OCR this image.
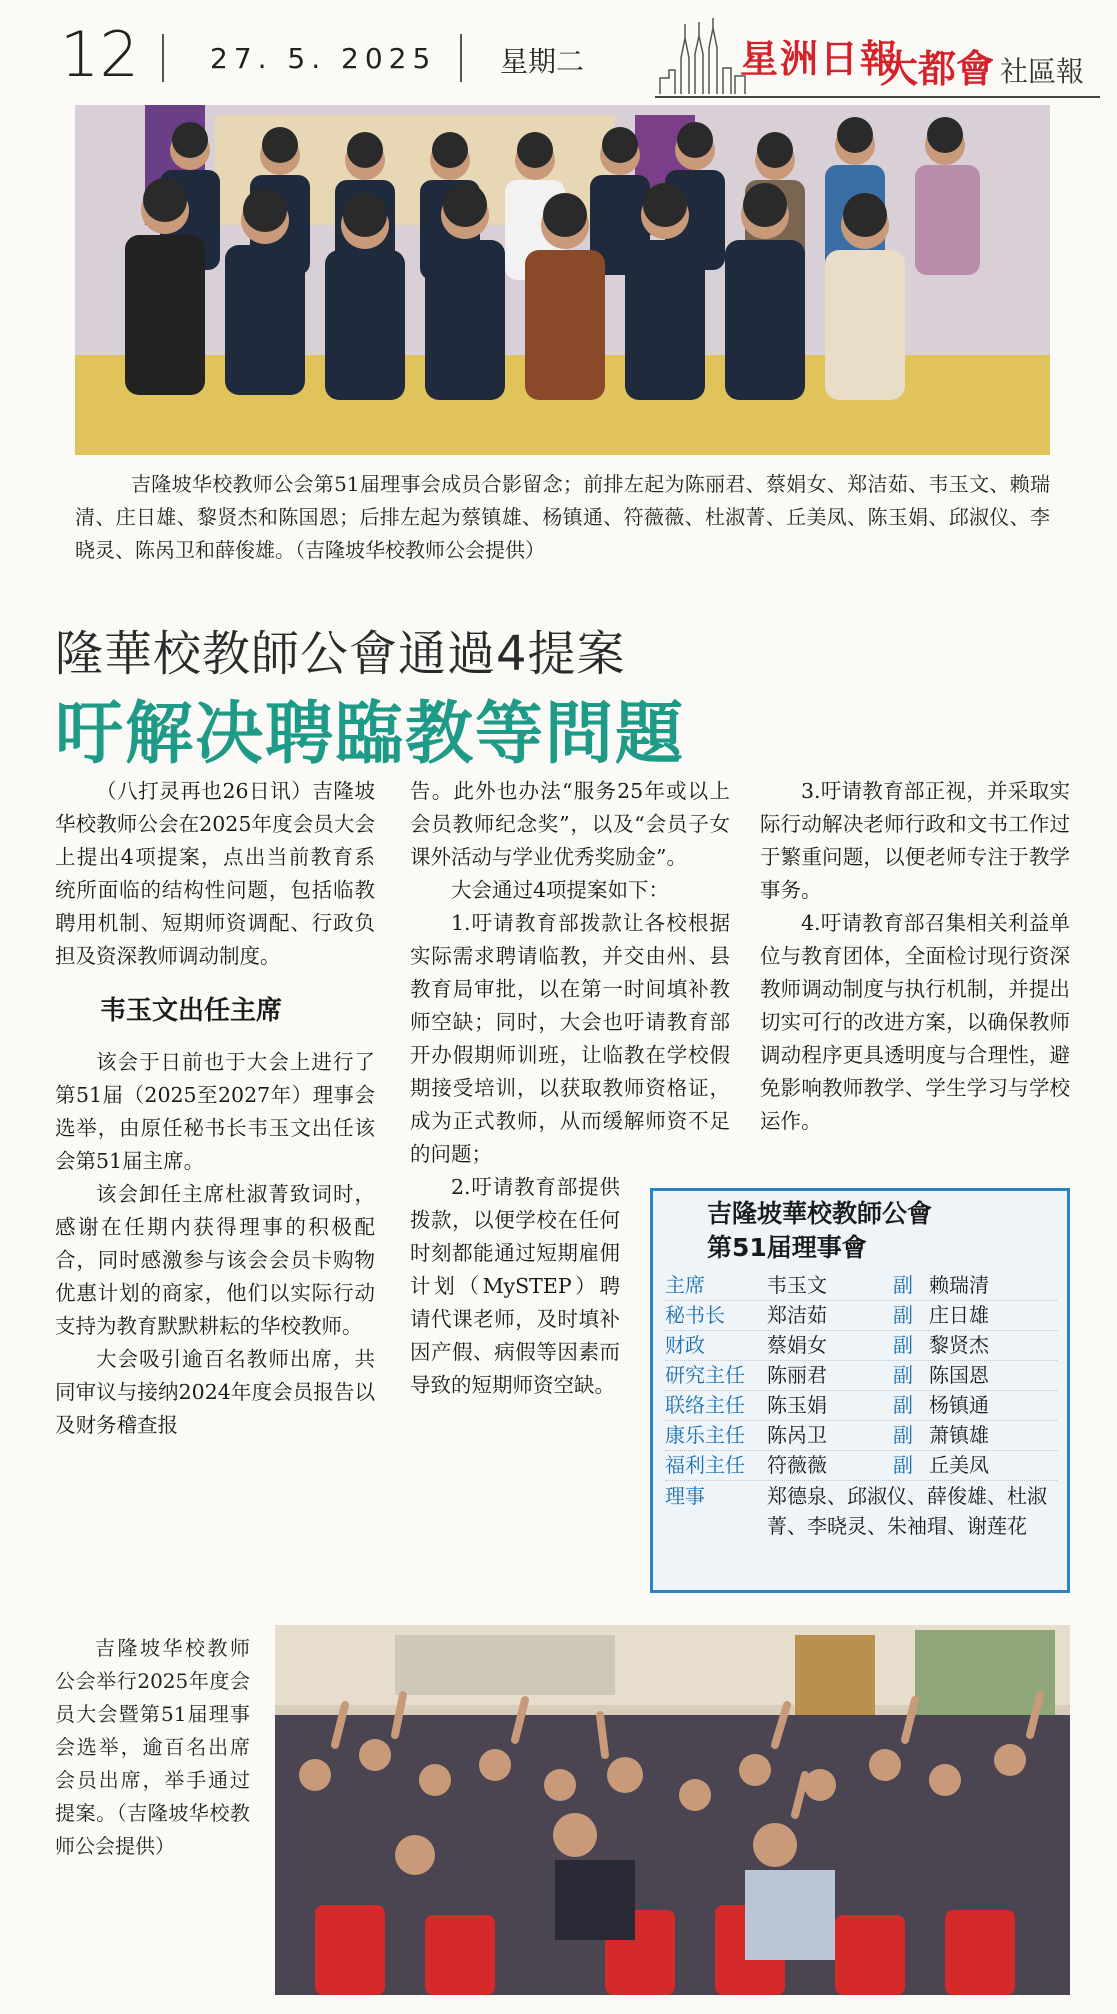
12	27. 5. 2025 星期二	星洲日報
大都會 社區報
吉隆坡华校教师公会第51届理事会成员合影留念；前排左起为陈丽君、蔡娟女、郑洁茹、韦玉文、赖瑞清、庄日雄、黎贤杰和陈国恩；后排左起为蔡镇雄、杨镇通、符薇薇、杜淑菁、丘美凤、陈玉娟、邱淑仪、李晓灵、陈呙卫和薛俊雄。（吉隆坡华校教师公会提供）
隆華校教師公會通過4提案
吁解决聘臨教等問題

（八打灵再也26日讯）吉隆坡华校教师公会在2025年度会员大会上提出4项提案，点出当前教育系统所面临的结构性问题，包括临教聘用机制、短期师资调配、行政负担及资深教师调动制度。

韦玉文出任主席

该会于日前也于大会上进行了第51届（2025至2027年）理事会选举，由原任秘书长韦玉文出任该会第51届主席。

该会卸任主席杜淑菁致词时，感谢在任期内获得理事的积极配合，同时感激参与该会会员卡购物优惠计划的商家，他们以实际行动支持为教育默默耕耘的华校教师。

大会吸引逾百名教师出席，共同审议与接纳2024年度会员报告以及财务稽查报

告。此外也办法“服务25年或以上会员教师纪念奖”，以及“会员子女课外活动与学业优秀奖励金”。

大会通过4项提案如下：

1.吁请教育部拨款让各校根据实际需求聘请临教，并交由州、县教育局审批，以在第一时间填补教师空缺；同时，大会也吁请教育部开办假期师训班，让临教在学校假期接受培训，以获取教师资格证，成为正式教师，从而缓解师资不足的问题；

2.吁请教育部提供拨款，以便学校在任何时刻都能通过短期雇佣计划（MySTEP）聘请代课老师，及时填补因产假、病假等因素而导致的短期师资空缺。

3.吁请教育部正视，并采取实际行动解决老师行政和文书工作过于繁重问题，以便老师专注于教学事务。

4.吁请教育部召集相关利益单位与教育团体，全面检讨现行资深教师调动制度与执行机制，并提出切实可行的改进方案，以确保教师调动程序更具透明度与合理性，避免影响教师教学、学生学习与学校运作。

吉隆坡華校教師公會
第51届理事會
主席	韦玉文	副 赖瑞清
秘书长	郑洁茹	副 庄日雄
财政	蔡娟女	副 黎贤杰
研究主任	陈丽君	副 陈国恩
联络主任	陈玉娟	副 杨镇通
康乐主任	陈呙卫	副 萧镇雄
福利主任	符薇薇	副 丘美凤
理事	郑德泉、邱淑仪、薛俊雄、杜淑菁、李晓灵、朱袖瑁、谢莲花
吉隆坡华校教师公会举行2025年度会员大会暨第51届理事会选举，逾百名出席会员出席，举手通过提案。（吉隆坡华校教师公会提供）
